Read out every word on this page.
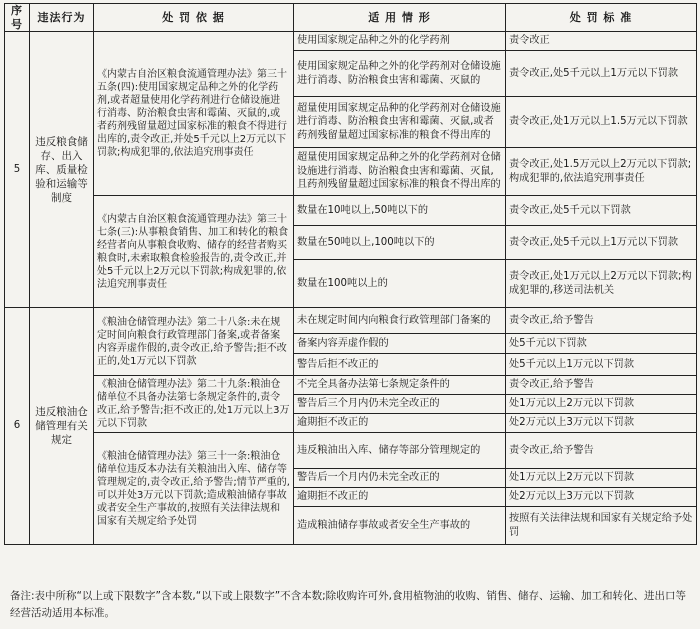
序号	违法行为	处 罚 依 据	适 用 情 形	处 罚 标 准
5	违反粮食储存、出入库、质量检验和运输等制度	《内蒙古自治区粮食流通管理办法》第三十五条(四):使用国家规定品种之外的化学药剂,或者超量使用化学药剂进行仓储设施进行消毒、防治粮食虫害和霉菌、灭鼠的,或者药剂残留量超过国家标准的粮食不得进行出库的,责令改正,并处5千元以上2万元以下罚款;构成犯罪的,依法追究刑事责任	使用国家规定品种之外的化学药剂	责令改正
			使用国家规定品种之外的化学药剂对仓储设施进行消毒、防治粮食虫害和霉菌、灭鼠的	责令改正,处5千元以上1万元以下罚款
			超量使用国家规定品种的化学药剂对仓储设施进行消毒、防治粮食虫害和霉菌、灭鼠,或者药剂残留量超过国家标准的粮食不得出库的	责令改正,处1万元以上1.5万元以下罚款
			超量使用国家规定品种之外的化学药剂对仓储设施进行消毒、防治粮食虫害和霉菌、灭鼠,且药剂残留量超过国家标准的粮食不得出库的	责令改正,处1.5万元以上2万元以下罚款;构成犯罪的,依法追究刑事责任
		《内蒙古自治区粮食流通管理办法》第三十七条(三):从事粮食销售、加工和转化的粮食经营者向从事粮食收购、储存的经营者购买粮食时,未索取粮食检验报告的,责令改正,并处5千元以上2万元以下罚款;构成犯罪的,依法追究刑事责任	数量在10吨以上,50吨以下的	责令改正,处5千元以下罚款
			数量在50吨以上,100吨以下的	责令改正,处5千元以上1万元以下罚款
			数量在100吨以上的	责令改正,处1万元以上2万元以下罚款;构成犯罪的,移送司法机关
6	违反粮油仓储管理有关规定	《粮油仓储管理办法》第二十八条:未在规定时间向粮食行政管理部门备案,或者备案内容弄虚作假的,责令改正,给予警告;拒不改正的,处1万元以下罚款	未在规定时间内向粮食行政管理部门备案的	责令改正,给予警告
			备案内容弄虚作假的	处5千元以下罚款
			警告后拒不改正的	处5千元以上1万元以下罚款
		《粮油仓储管理办法》第二十九条:粮油仓储单位不具备办法第七条规定条件的,责令改正,给予警告;拒不改正的,处1万元以上3万元以下罚款	不完全具备办法第七条规定条件的	责令改正,给予警告
			警告后三个月内仍未完全改正的	处1万元以上2万元以下罚款
			逾期拒不改正的	处2万元以上3万元以下罚款
		《粮油仓储管理办法》第三十一条:粮油仓储单位违反本办法有关粮油出入库、储存等管理规定的,责令改正,给予警告;情节严重的,可以并处3万元以下罚款;造成粮油储存事故或者安全生产事故的,按照有关法律法规和国家有关规定给予处罚	违反粮油出入库、储存等部分管理规定的	责令改正,给予警告
			警告后一个月内仍未完全改正的	处1万元以上2万元以下罚款
			逾期拒不改正的	处2万元以上3万元以下罚款
			造成粮油储存事故或者安全生产事故的	按照有关法律法规和国家有关规定给予处罚
备注:表中所称“以上或下限数字”含本数,“以下或上限数字”不含本数;除收购许可外,食用植物油的收购、销售、储存、运输、加工和转化、进出口等经营活动适用本标准。
